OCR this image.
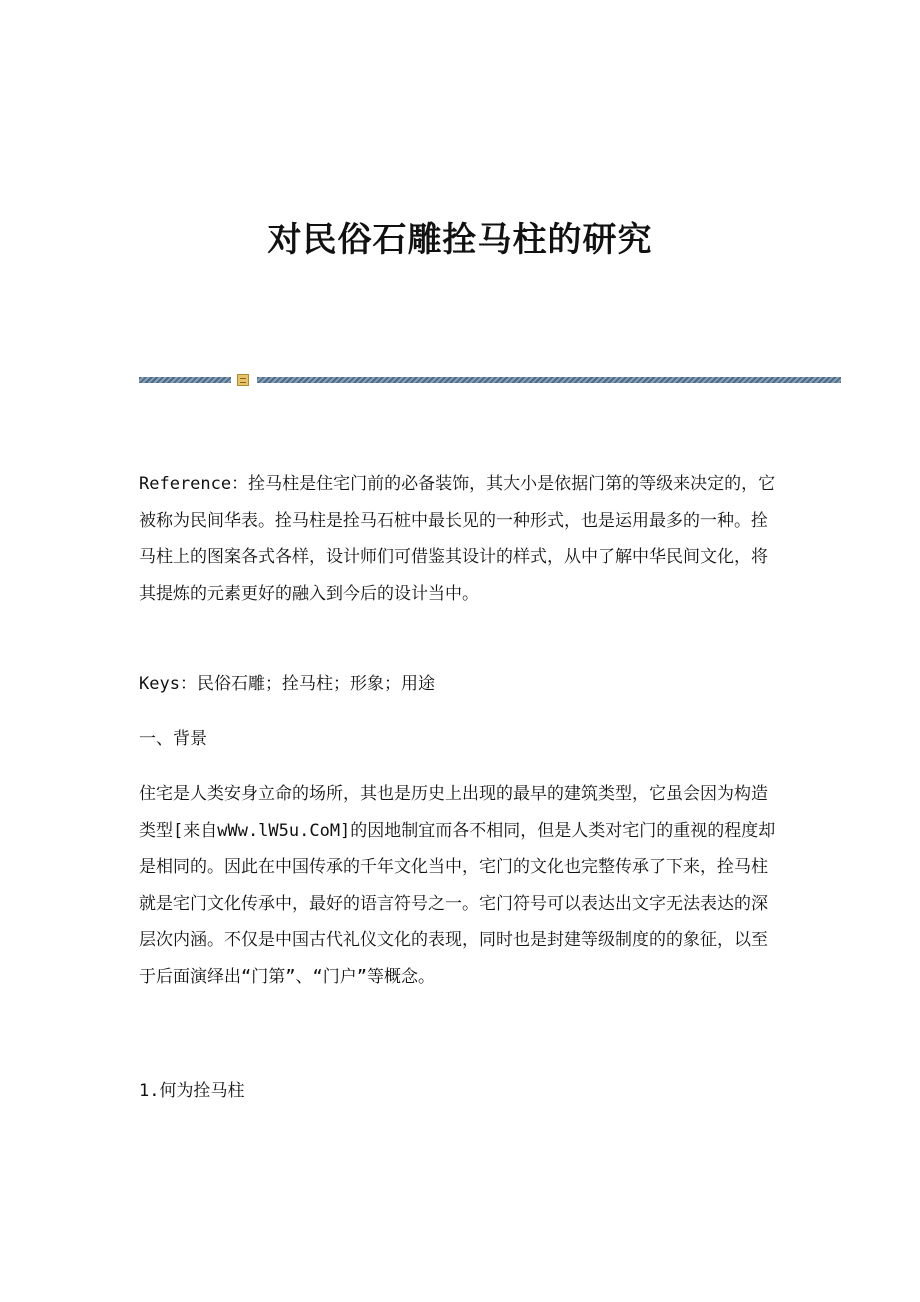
对民俗石雕拴马柱的研究

Reference：拴马柱是住宅门前的必备装饰，其大小是依据门第的等级来决定的，它被称为民间华表。拴马柱是拴马石桩中最长见的一种形式，也是运用最多的一种。拴马柱上的图案各式各样，设计师们可借鉴其设计的样式，从中了解中华民间文化，将其提炼的元素更好的融入到今后的设计当中。

Keys：民俗石雕；拴马柱；形象；用途

一、背景

住宅是人类安身立命的场所，其也是历史上出现的最早的建筑类型，它虽会因为构造类型[来自wWw.lW5u.CoM]的因地制宜而各不相同，但是人类对宅门的重视的程度却是相同的。因此在中国传承的千年文化当中，宅门的文化也完整传承了下来，拴马柱就是宅门文化传承中，最好的语言符号之一。宅门符号可以表达出文字无法表达的深层次内涵。不仅是中国古代礼仪文化的表现，同时也是封建等级制度的的象征，以至于后面演绎出“门第”、“门户”等概念。

1.何为拴马柱
